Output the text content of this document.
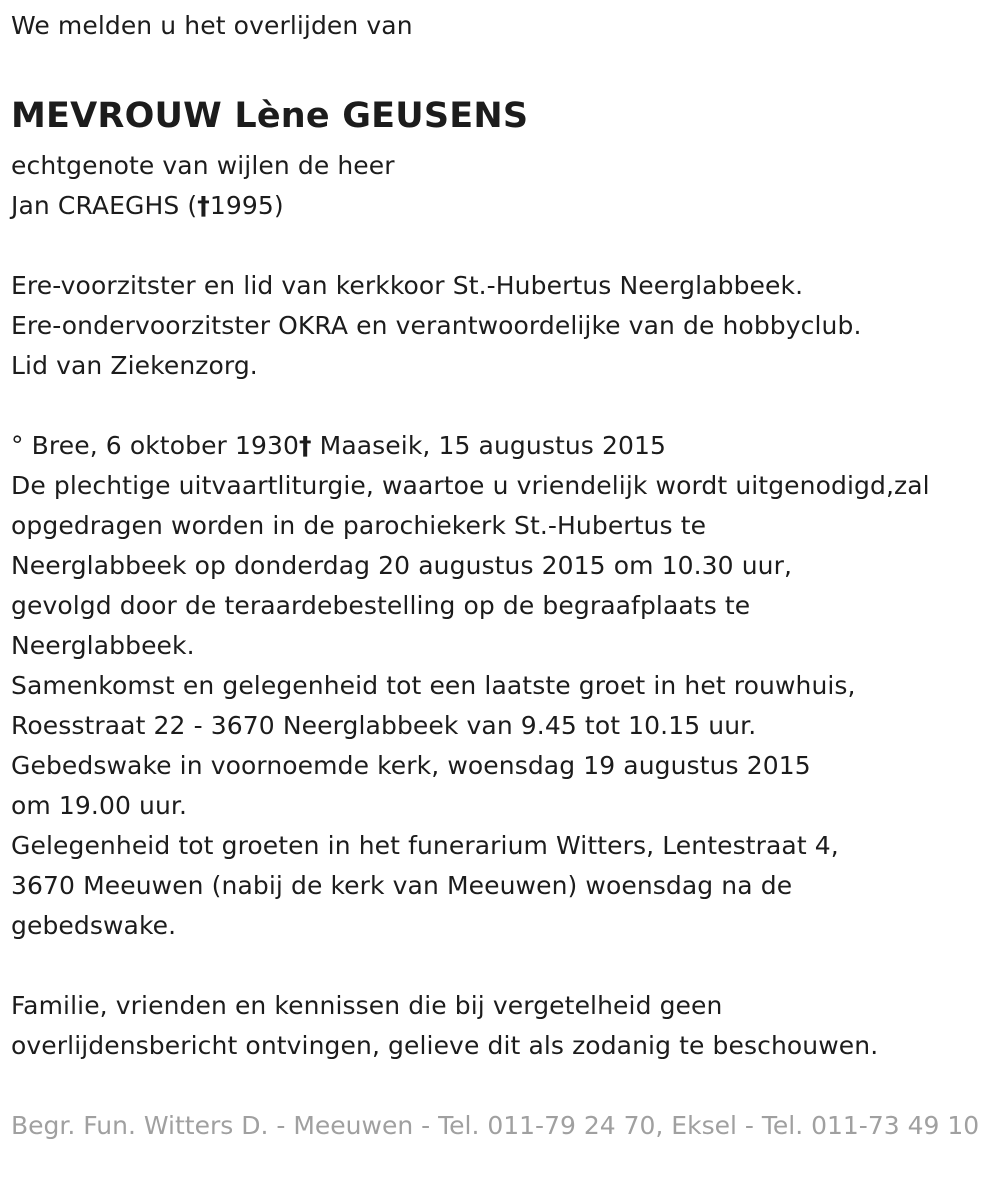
We melden u het overlijden van
MEVROUW Lène GEUSENS
echtgenote van wijlen de heer
Jan CRAEGHS (†1995)
Ere-voorzitster en lid van kerkkoor St.-Hubertus Neerglabbeek.
Ere-ondervoorzitster OKRA en verantwoordelijke van de hobbyclub.
Lid van Ziekenzorg.
° Bree, 6 oktober 1930† Maaseik, 15 augustus 2015
De plechtige uitvaartliturgie, waartoe u vriendelijk wordt uitgenodigd,zal
opgedragen worden in de parochiekerk St.-Hubertus te
Neerglabbeek op donderdag 20 augustus 2015 om 10.30 uur,
gevolgd door de teraardebestelling op de begraafplaats te
Neerglabbeek.
Samenkomst en gelegenheid tot een laatste groet in het rouwhuis,
Roesstraat 22 - 3670 Neerglabbeek van 9.45 tot 10.15 uur.
Gebedswake in voornoemde kerk, woensdag 19 augustus 2015
om 19.00 uur.
Gelegenheid tot groeten in het funerarium Witters, Lentestraat 4,
3670 Meeuwen (nabij de kerk van Meeuwen) woensdag na de
gebedswake.
Familie, vrienden en kennissen die bij vergetelheid geen
overlijdensbericht ontvingen, gelieve dit als zodanig te beschouwen.
Begr. Fun. Witters D. - Meeuwen - Tel. 011-79 24 70, Eksel - Tel. 011-73 49 10
